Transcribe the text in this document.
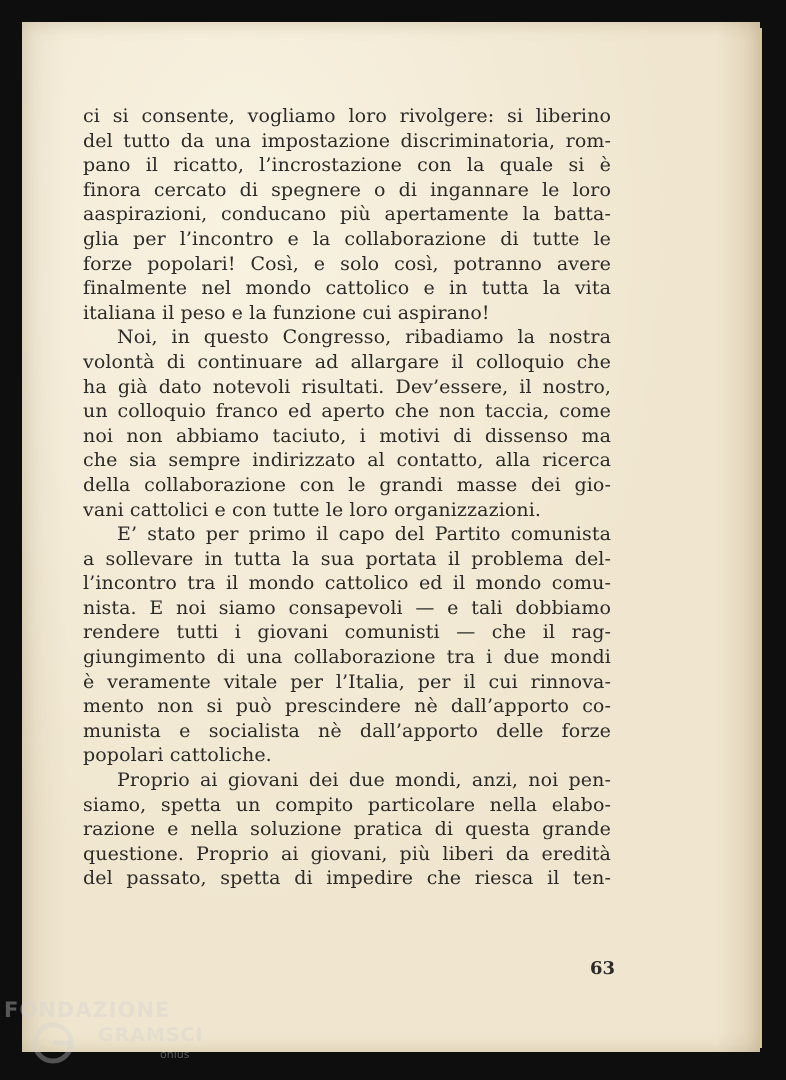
ci si consente, vogliamo loro rivolgere: si liberino
del tutto da una impostazione discriminatoria, rom-
pano il ricatto, l’incrostazione con la quale si è
finora cercato di spegnere o di ingannare le loro
aaspirazioni, conducano più apertamente la batta-
glia per l’incontro e la collaborazione di tutte le
forze popolari! Così, e solo così, potranno avere
finalmente nel mondo cattolico e in tutta la vita
italiana il peso e la funzione cui aspirano!
Noi, in questo Congresso, ribadiamo la nostra
volontà di continuare ad allargare il colloquio che
ha già dato notevoli risultati. Dev’essere, il nostro,
un colloquio franco ed aperto che non taccia, come
noi non abbiamo taciuto, i motivi di dissenso ma
che sia sempre indirizzato al contatto, alla ricerca
della collaborazione con le grandi masse dei gio-
vani cattolici e con tutte le loro organizzazioni.
E’ stato per primo il capo del Partito comunista
a sollevare in tutta la sua portata il problema del-
l’incontro tra il mondo cattolico ed il mondo comu-
nista. E noi siamo consapevoli — e tali dobbiamo
rendere tutti i giovani comunisti — che il rag-
giungimento di una collaborazione tra i due mondi
è veramente vitale per l’Italia, per il cui rinnova-
mento non si può prescindere nè dall’apporto co-
munista e socialista nè dall’apporto delle forze
popolari cattoliche.
Proprio ai giovani dei due mondi, anzi, noi pen-
siamo, spetta un compito particolare nella elabo-
razione e nella soluzione pratica di questa grande
questione. Proprio ai giovani, più liberi da eredità
del passato, spetta di impedire che riesca il ten-
63
FONDAZIONE
GRAMSCI
onlus
